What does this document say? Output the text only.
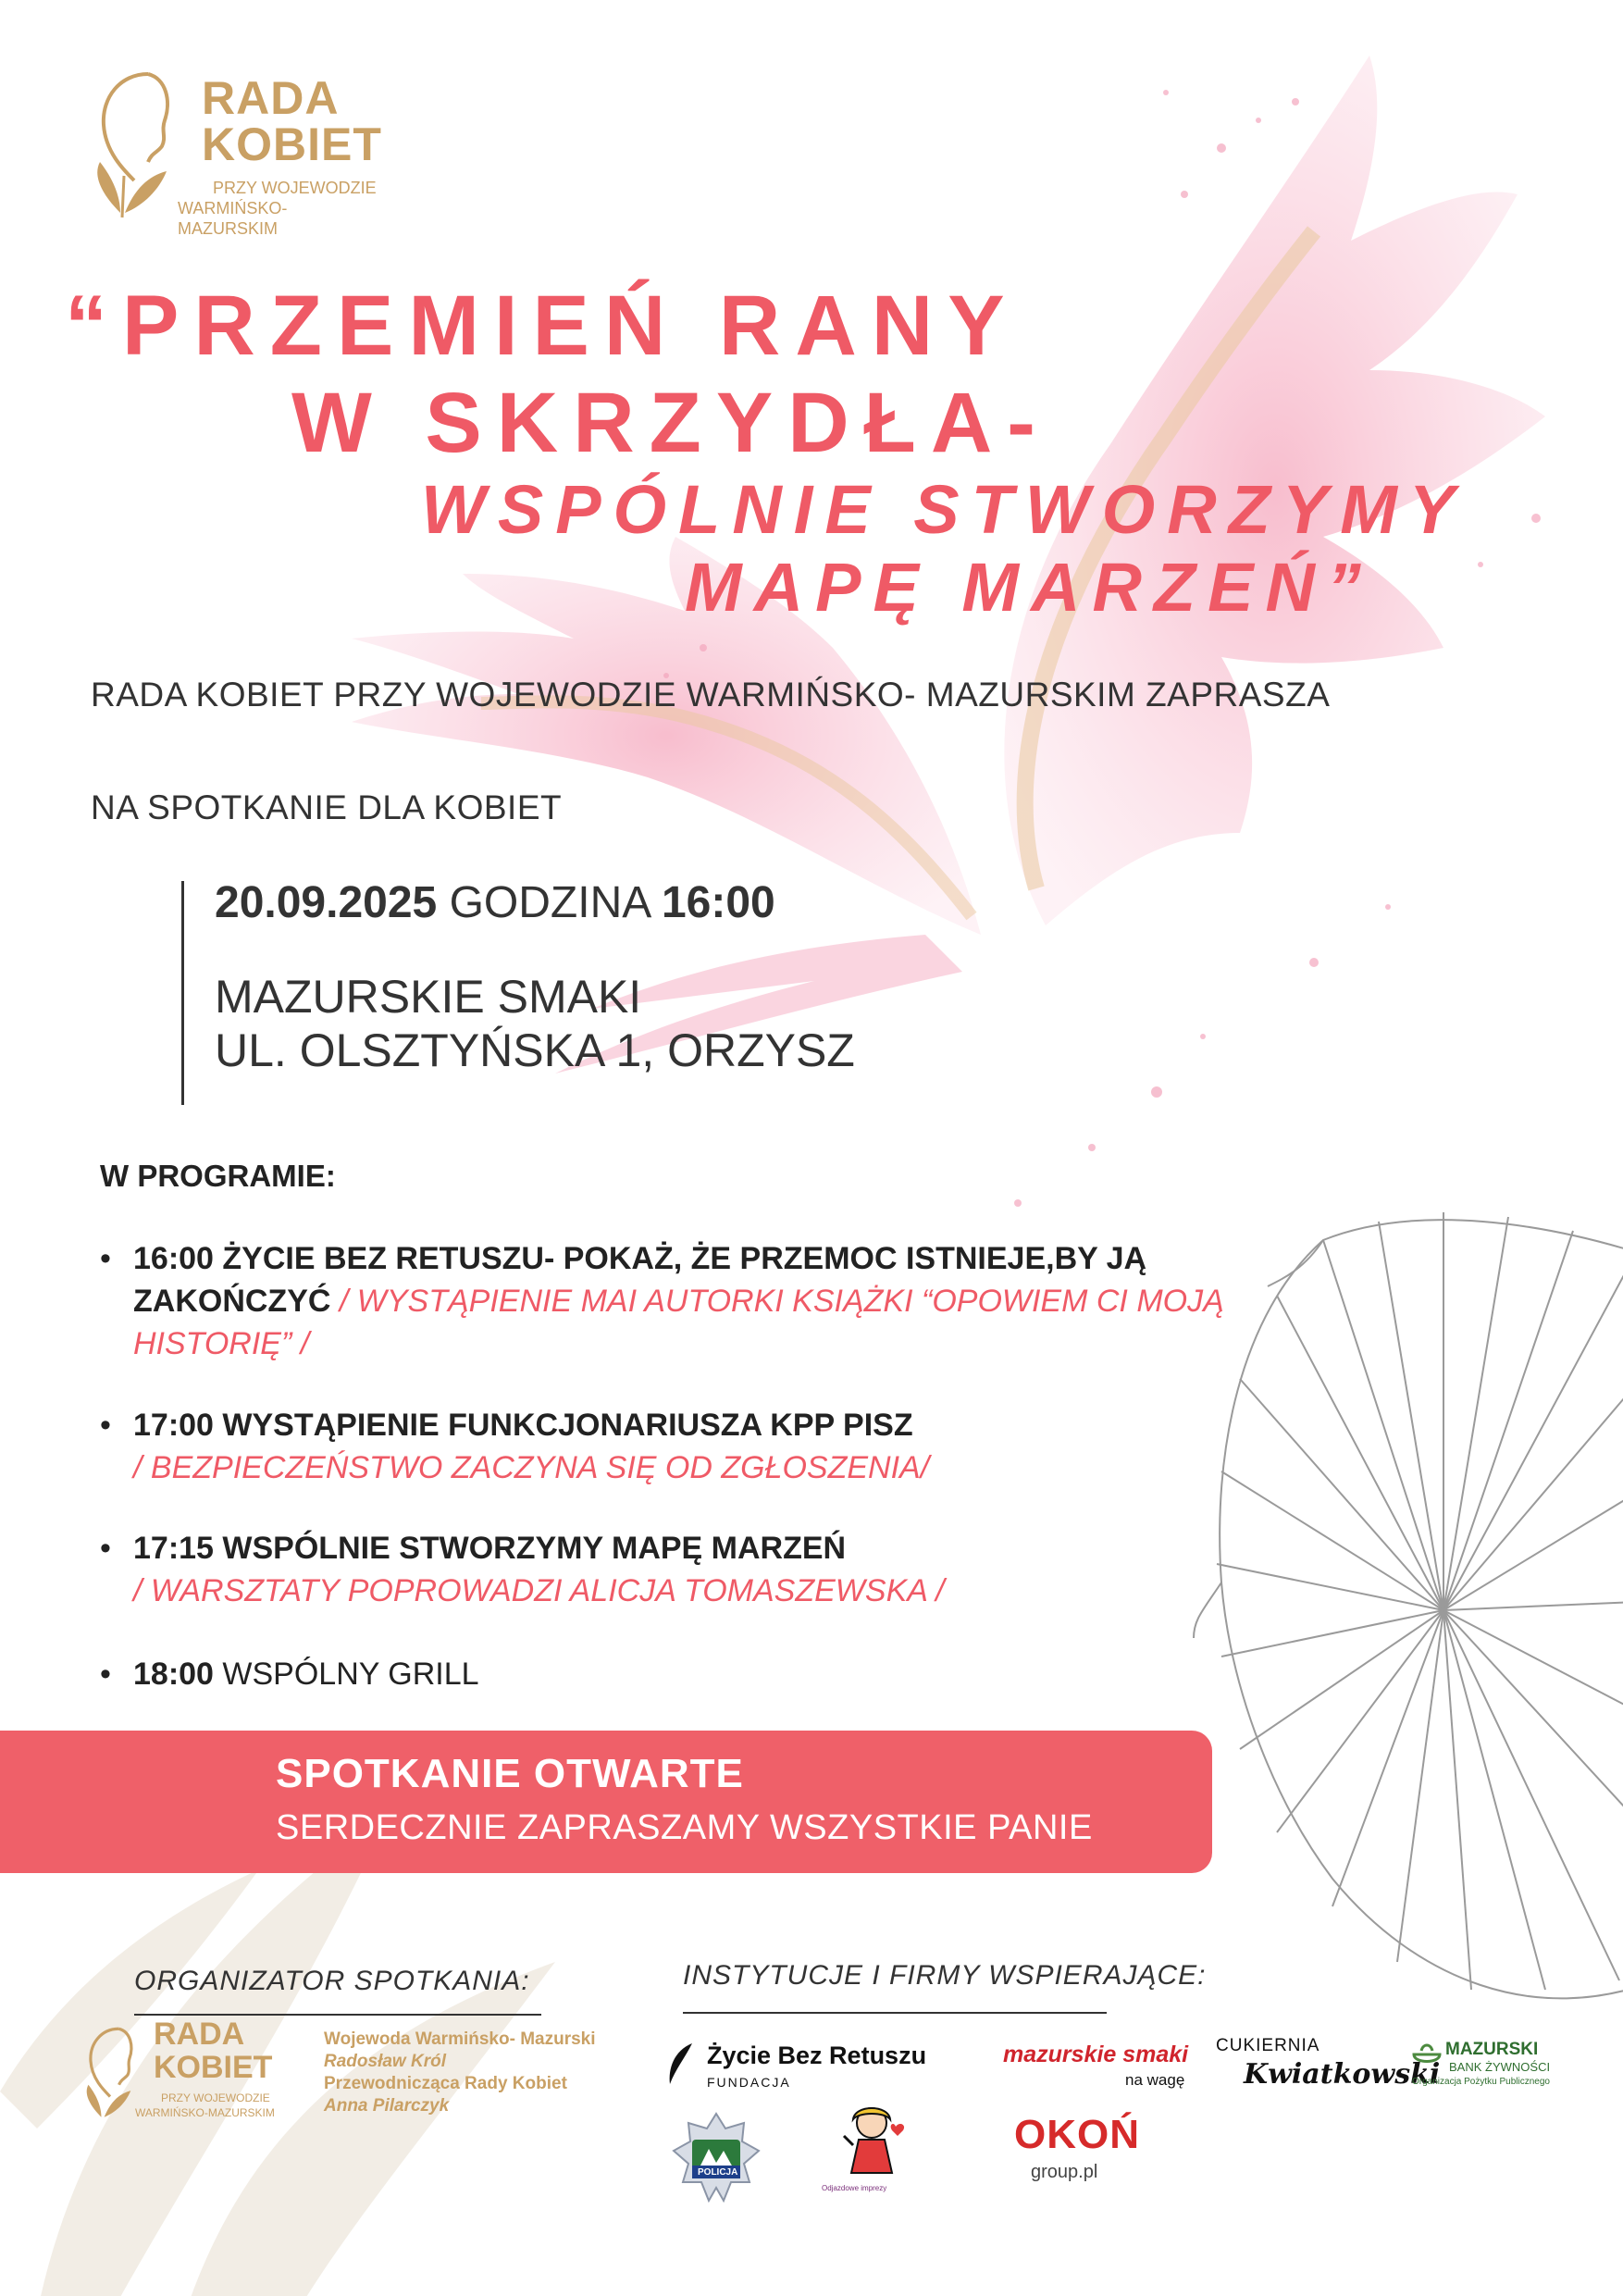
RADA
KOBIET
PRZY WOJEWODZIE
WARMIŃSKO-MAZURSKIM
“PRZEMIEŃ RANY
W SKRZYDŁA-
WSPÓLNIE STWORZYMY
MAPĘ MARZEŃ”
RADA KOBIET PRZY WOJEWODZIE WARMIŃSKO- MAZURSKIM ZAPRASZA
NA SPOTKANIE DLA KOBIET
20.09.2025 GODZINA 16:00
MAZURSKIE SMAKI
UL. OLSZTYŃSKA 1, ORZYSZ
W PROGRAMIE:
• 16:00 ŻYCIE BEZ RETUSZU- POKAŻ, ŻE PRZEMOC ISTNIEJE,BY JĄ ZAKOŃCZYĆ / WYSTĄPIENIE MAI AUTORKI KSIĄŻKI “OPOWIEM CI MOJĄ HISTORIĘ” /
• 17:00 WYSTĄPIENIE FUNKCJONARIUSZA KPP PISZ
/ BEZPIECZEŃSTWO ZACZYNA SIĘ OD ZGŁOSZENIA/
• 17:15 WSPÓLNIE STWORZYMY MAPĘ MARZEŃ
/ WARSZTATY POPROWADZI ALICJA TOMASZEWSKA /
• 18:00 WSPÓLNY GRILL
SPOTKANIE OTWARTE
SERDECZNIE ZAPRASZAMY WSZYSTKIE PANIE
ORGANIZATOR SPOTKANIA:	INSTYTUCJE I FIRMY WSPIERAJĄCE:
RADA
KOBIET
PRZY WOJEWODZIE
WARMIŃSKO-MAZURSKIM
Wojewoda Warmińsko- Mazurski
Radosław Król
Przewodnicząca Rady Kobiet
Anna Pilarczyk
Życie Bez Retuszu
FUNDACJA
mazurskie smaki
na wagę
CUKIERNIA
Kwiatkowski
MAZURSKI
BANK ŻYWNOŚCI
Organizacja Pożytku Publicznego
POLICJA
Odjazdowe imprezy
OKOŃ
group.pl
